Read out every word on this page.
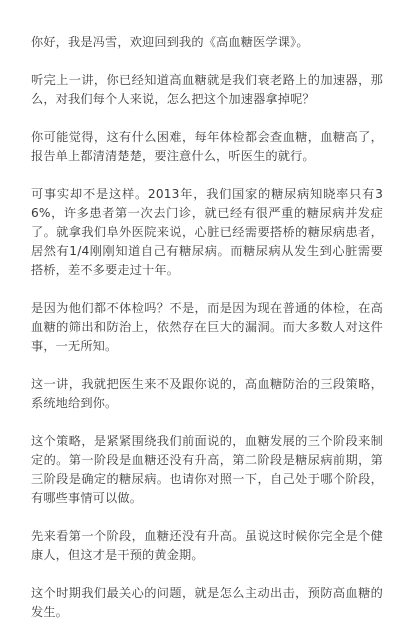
你好，我是冯雪，欢迎回到我的《高血糖医学课》。

听完上一讲，你已经知道高血糖就是我们衰老路上的加速器，那么，对我们每个人来说，怎么把这个加速器拿掉呢？

你可能觉得，这有什么困难，每年体检都会查血糖，血糖高了，报告单上都清清楚楚，要注意什么，听医生的就行。

可事实却不是这样。2013年，我们国家的糖尿病知晓率只有36%，许多患者第一次去门诊，就已经有很严重的糖尿病并发症了。就拿我们阜外医院来说，心脏已经需要搭桥的糖尿病患者，居然有1/4刚刚知道自己有糖尿病。而糖尿病从发生到心脏需要搭桥，差不多要走过十年。

是因为他们都不体检吗？不是，而是因为现在普通的体检，在高血糖的筛出和防治上，依然存在巨大的漏洞。而大多数人对这件事，一无所知。

这一讲，我就把医生来不及跟你说的，高血糖防治的三段策略，系统地给到你。

这个策略，是紧紧围绕我们前面说的，血糖发展的三个阶段来制定的。第一阶段是血糖还没有升高，第二阶段是糖尿病前期，第三阶段是确定的糖尿病。也请你对照一下，自己处于哪个阶段，有哪些事情可以做。

先来看第一个阶段，血糖还没有升高。虽说这时候你完全是个健康人，但这才是干预的黄金期。

这个时期我们最关心的问题，就是怎么主动出击，预防高血糖的发生。
